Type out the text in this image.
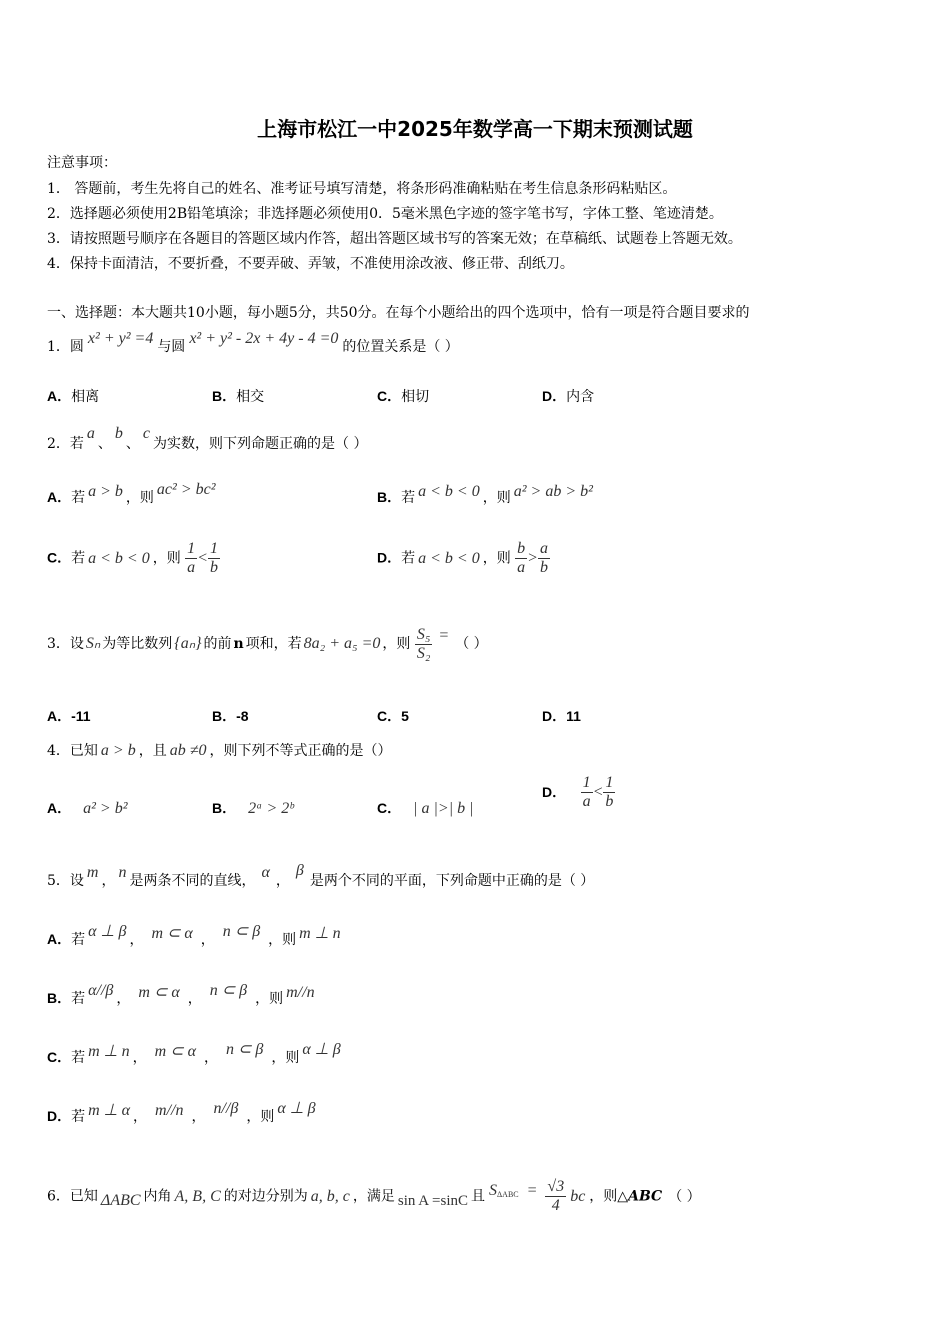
上海市松江一中2025年数学高一下期末预测试题
注意事项：
1． 答题前，考生先将自己的姓名、准考证号填写清楚，将条形码准确粘贴在考生信息条形码粘贴区。
2．选择题必须使用2B铅笔填涂；非选择题必须使用0．5毫米黑色字迹的签字笔书写，字体工整、笔迹清楚。
3．请按照题号顺序在各题目的答题区域内作答，超出答题区域书写的答案无效；在草稿纸、试题卷上答题无效。
4．保持卡面清洁，不要折叠，不要弄破、弄皱，不准使用涂改液、修正带、刮纸刀。
一、选择题：本大题共10小题，每小题5分，共50分。在每个小题给出的四个选项中，恰有一项是符合题目要求的
1．圆 x² + y² =4 与圆 x² + y² - 2x + 4y - 4 =0 的位置关系是（ ）
A．相离	B．相交	C．相切	D．内含
2．若a、b、c为实数，则下列命题正确的是（ ）
A．若 a > b ，则 ac² > bc²	B．若 a < b < 0 ，则 a² > ab > b²
C．若 a < b < 0 ，则 $\frac{1}{a} < \frac{1}{b}$	D．若 a < b < 0 ，则 $\frac{b}{a} > \frac{a}{b}$
3．设 Sₙ 为等比数列 {aₙ} 的前 n 项和，若 8a₂ + a₅ =0 ，则 $\frac{\text{S₅}}{\text{S₂}}$ = （ ）
A．-11	B．-8	C．5	D．11
4．已知 a > b ，且 ab ≠0 ，则下列不等式正确的是（）
A． a² > b²	B． 2ᵃ > 2ᵇ	C． | a |>| b |
D． $\frac{1}{a} < \frac{1}{b}$
5．设 m ， n 是两条不同的直线， α ，β是两个不同的平面，下列命题中正确的是（ ）
A．若 α ⊥ β ， m ⊂ α ， n ⊂ β ，则 m ⊥ n
B．若 α//β ， m ⊂ α ， n ⊂ β ，则 m//n
C．若 m ⊥ n ， m ⊂ α ， n ⊂ β ，则 α ⊥ β
D．若 m ⊥ α ， m//n ， n//β ，则 α ⊥ β
6．已知 ΔABC 内角 A, B, C 的对边分别为 a, b, c ，满足 sin A =sinC 且 $S^{\Delta ABC} = \frac{√3}{4}$ bc ，则△ABC （ ）
